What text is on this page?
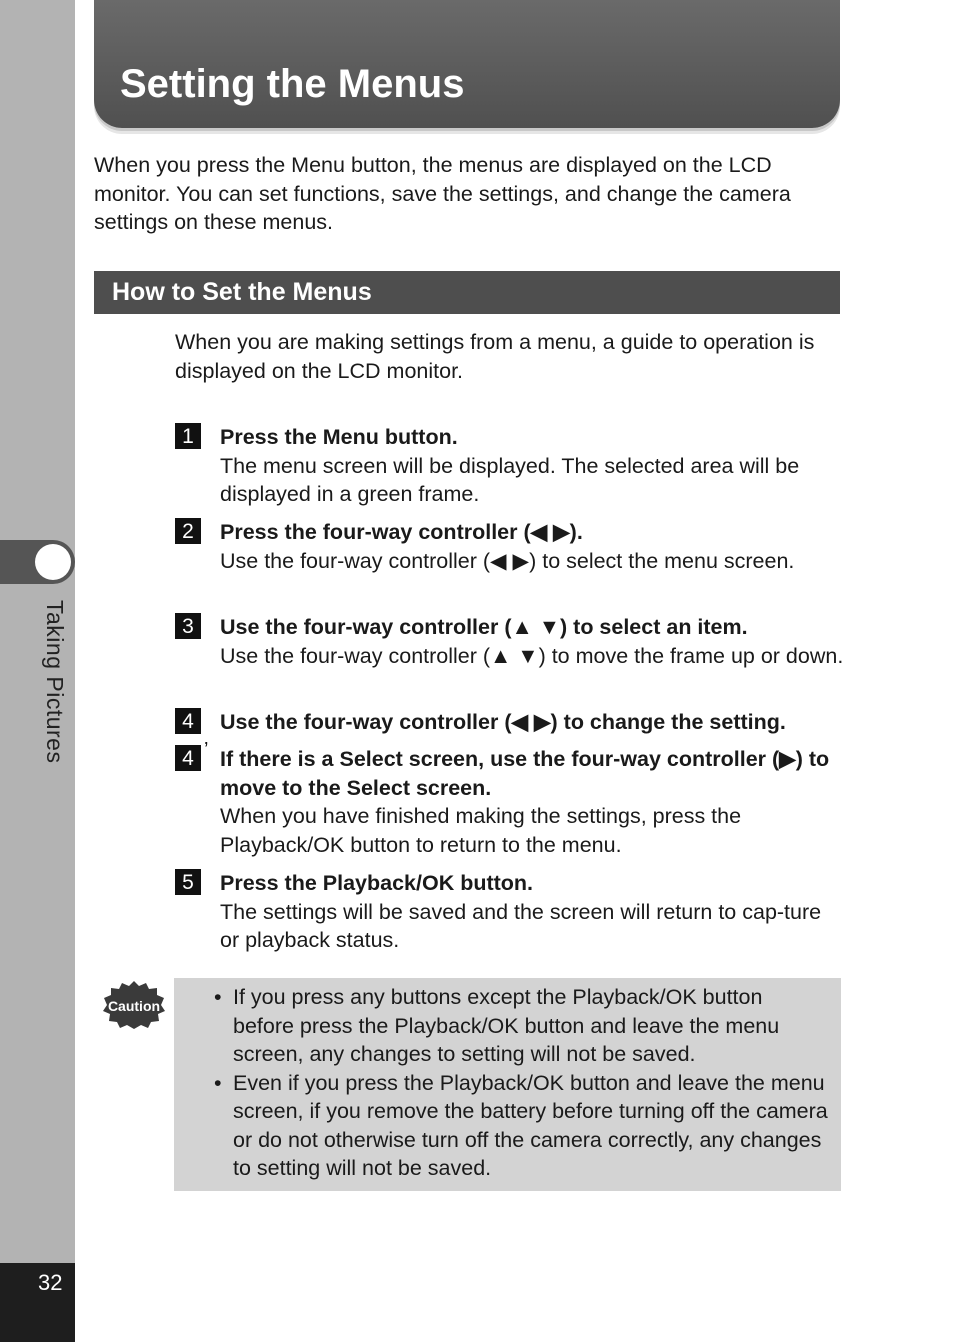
Taking Pictures
32
Setting the Menus

When you press the Menu button, the menus are displayed on the LCD monitor. You can set functions, save the settings, and change the camera settings on these menus.

How to Set the Menus

When you are making settings from a menu, a guide to operation is displayed on the LCD monitor.

1	Press the Menu button.
The menu screen will be displayed. The selected area will be displayed in a green frame.
2	Press the four-way controller (◀ ▶).
Use the four-way controller (◀ ▶) to select the menu screen.
3	Use the four-way controller (▲ ▼) to select an item.
Use the four-way controller (▲ ▼) to move the frame up or down.
4	Use the four-way controller (◀ ▶) to change the setting.
4 ’ If there is a Select screen, use the four-way controller (▶) to move to the Select screen.
When you have finished making the settings, press the Playback/OK button to return to the menu.
5	Press the Playback/OK button.
The settings will be saved and the screen will return to cap-ture or playback status.
Caution
•	If you press any buttons except the Playback/OK button before press the Playback/OK button and leave the menu screen, any changes to setting will not be saved.
• Even if you press the Playback/OK button and leave the menu screen, if you remove the battery before turning off the camera or do not otherwise turn off the camera correctly, any changes to setting will not be saved.
